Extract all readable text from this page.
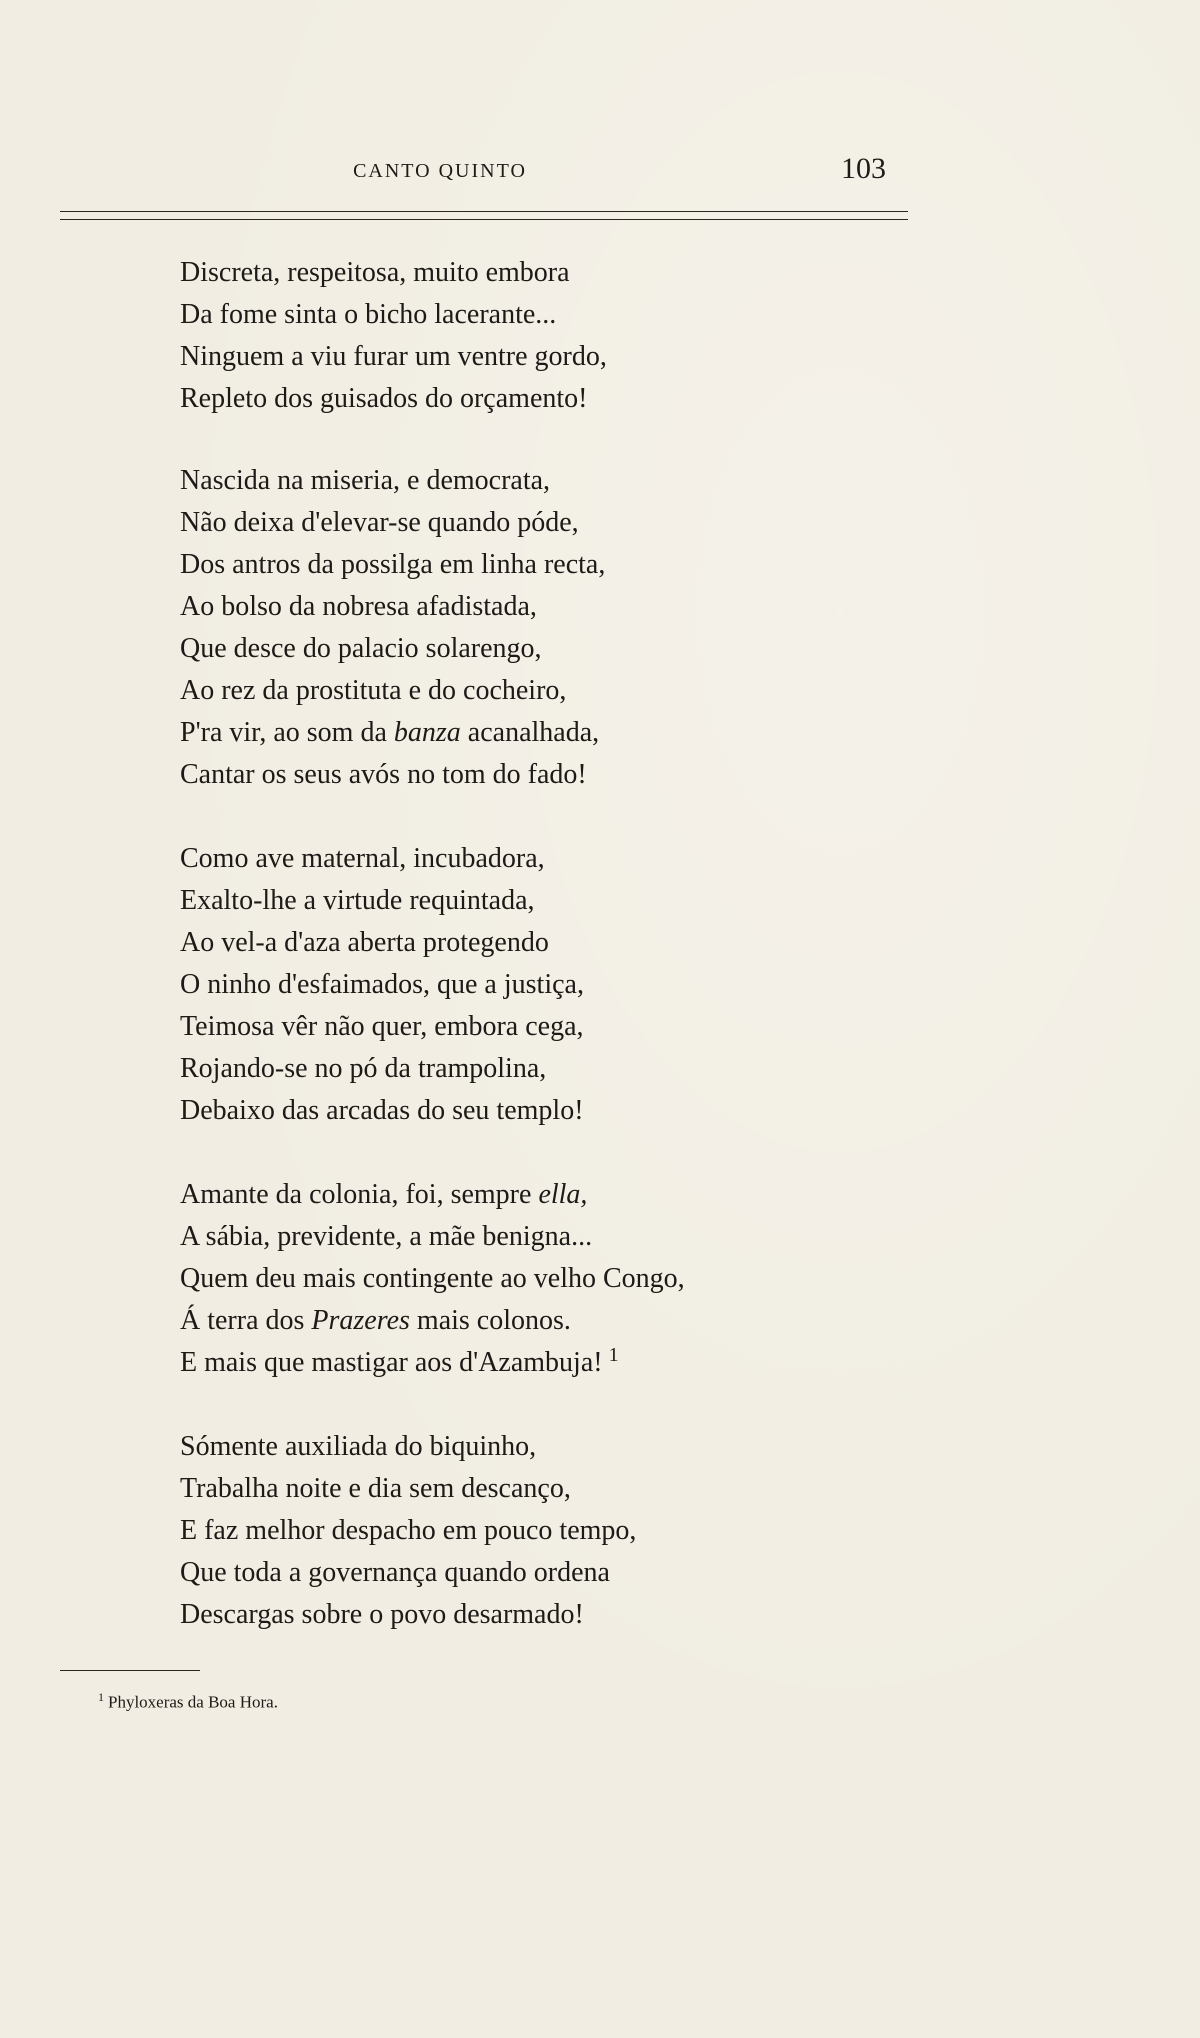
CANTO QUINTO	103
Discreta, respeitosa, muito embora
Da fome sinta o bicho lacerante...
Ninguem a viu furar um ventre gordo,
Repleto dos guisados do orçamento!
Nascida na miseria, e democrata,
Não deixa d'elevar-se quando póde,
Dos antros da possilga em linha recta,
Ao bolso da nobresa afadistada,
Que desce do palacio solarengo,
Ao rez da prostituta e do cocheiro,
P'ra vir, ao som da banza acanalhada,
Cantar os seus avós no tom do fado!
Como ave maternal, incubadora,
Exalto-lhe a virtude requintada,
Ao vel-a d'aza aberta protegendo
O ninho d'esfaimados, que a justiça,
Teimosa vêr não quer, embora cega,
Rojando-se no pó da trampolina,
Debaixo das arcadas do seu templo!
Amante da colonia, foi, sempre ella,
A sábia, previdente, a mãe benigna...
Quem deu mais contingente ao velho Congo,
Á terra dos Prazeres mais colonos.
E mais que mastigar aos d'Azambuja! $^1$
Sómente auxiliada do biquinho,
Trabalha noite e dia sem descanço,
E faz melhor despacho em pouco tempo,
Que toda a governança quando ordena
Descargas sobre o povo desarmado!
$^1$ Phyloxeras da Boa Hora.
